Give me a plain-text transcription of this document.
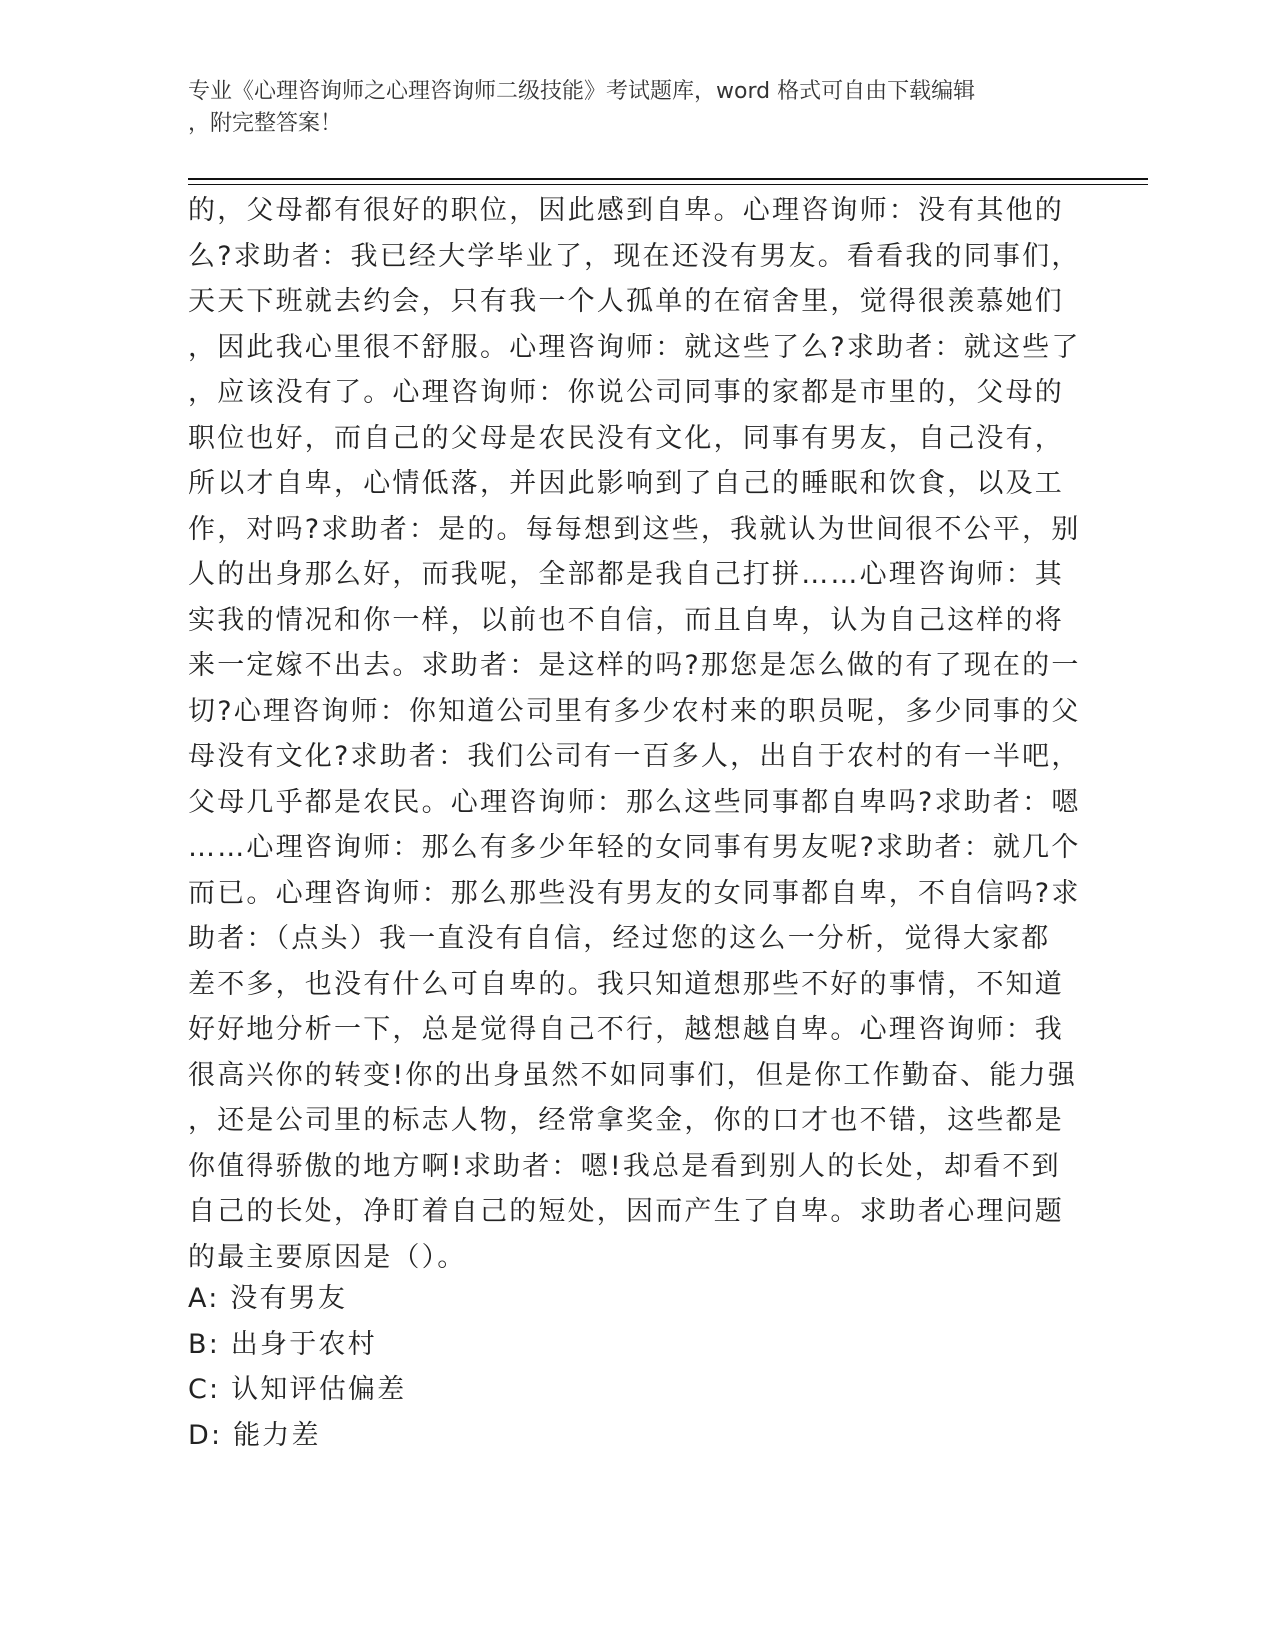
专业《心理咨询师之心理咨询师二级技能》考试题库，word 格式可自由下载编辑
，附完整答案！
的，父母都有很好的职位，因此感到自卑。心理咨询师：没有其他的
么?求助者：我已经大学毕业了，现在还没有男友。看看我的同事们，
天天下班就去约会，只有我一个人孤单的在宿舍里，觉得很羡慕她们
，因此我心里很不舒服。心理咨询师：就这些了么?求助者：就这些了
，应该没有了。心理咨询师：你说公司同事的家都是市里的，父母的
职位也好，而自己的父母是农民没有文化，同事有男友，自己没有，
所以才自卑，心情低落，并因此影响到了自己的睡眠和饮食，以及工
作，对吗?求助者：是的。每每想到这些，我就认为世间很不公平，别
人的出身那么好，而我呢，全部都是我自己打拼……心理咨询师：其
实我的情况和你一样，以前也不自信，而且自卑，认为自己这样的将
来一定嫁不出去。求助者：是这样的吗?那您是怎么做的有了现在的一
切?心理咨询师：你知道公司里有多少农村来的职员呢，多少同事的父
母没有文化?求助者：我们公司有一百多人，出自于农村的有一半吧，
父母几乎都是农民。心理咨询师：那么这些同事都自卑吗?求助者：嗯
……心理咨询师：那么有多少年轻的女同事有男友呢?求助者：就几个
而已。心理咨询师：那么那些没有男友的女同事都自卑，不自信吗?求
助者：（点头）我一直没有自信，经过您的这么一分析，觉得大家都
差不多，也没有什么可自卑的。我只知道想那些不好的事情，不知道
好好地分析一下，总是觉得自己不行，越想越自卑。心理咨询师：我
很高兴你的转变!你的出身虽然不如同事们，但是你工作勤奋、能力强
，还是公司里的标志人物，经常拿奖金，你的口才也不错，这些都是
你值得骄傲的地方啊!求助者：嗯!我总是看到别人的长处，却看不到
自己的长处，净盯着自己的短处，因而产生了自卑。求助者心理问题
的最主要原因是（）。
A: 没有男友
B: 出身于农村
C: 认知评估偏差
D: 能力差
